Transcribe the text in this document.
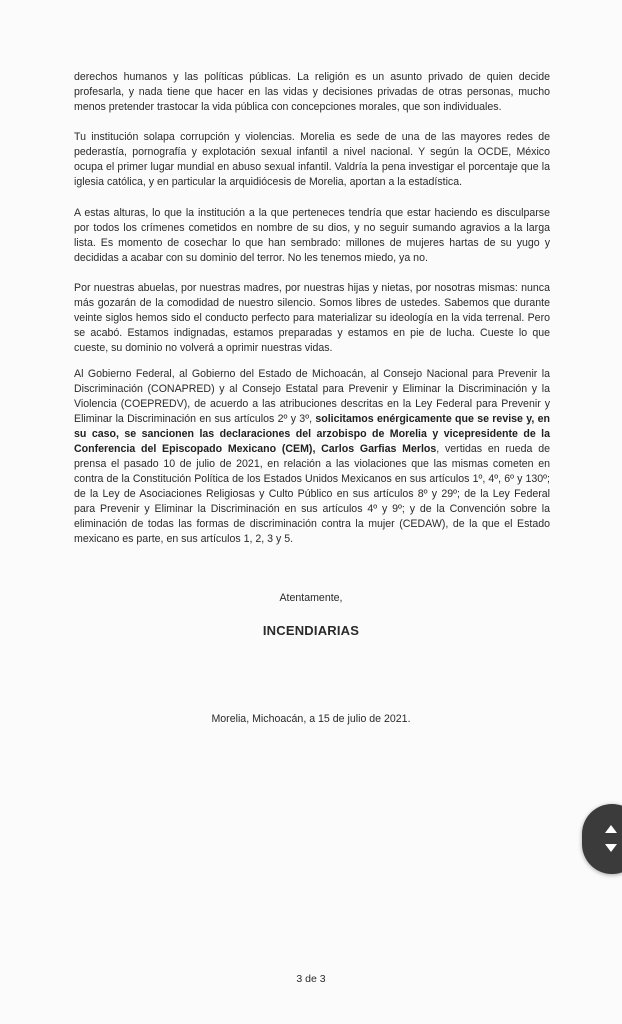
derechos humanos y las políticas públicas. La religión es un asunto privado de quien decide profesarla, y nada tiene que hacer en las vidas y decisiones privadas de otras personas, mucho menos pretender trastocar la vida pública con concepciones morales, que son individuales.

Tu institución solapa corrupción y violencias. Morelia es sede de una de las mayores redes de pederastía, pornografía y explotación sexual infantil a nivel nacional. Y según la OCDE, México ocupa el primer lugar mundial en abuso sexual infantil. Valdría la pena investigar el porcentaje que la iglesia católica, y en particular la arquidiócesis de Morelia, aportan a la estadística.

A estas alturas, lo que la institución a la que perteneces tendría que estar haciendo es disculparse por todos los crímenes cometidos en nombre de su dios, y no seguir sumando agravios a la larga lista. Es momento de cosechar lo que han sembrado: millones de mujeres hartas de su yugo y decididas a acabar con su dominio del terror. No les tenemos miedo, ya no.

Por nuestras abuelas, por nuestras madres, por nuestras hijas y nietas, por nosotras mismas: nunca más gozarán de la comodidad de nuestro silencio. Somos libres de ustedes. Sabemos que durante veinte siglos hemos sido el conducto perfecto para materializar su ideología en la vida terrenal. Pero se acabó. Estamos indignadas, estamos preparadas y estamos en pie de lucha. Cueste lo que cueste, su dominio no volverá a oprimir nuestras vidas.

Al Gobierno Federal, al Gobierno del Estado de Michoacán, al Consejo Nacional para Prevenir la Discriminación (CONAPRED) y al Consejo Estatal para Prevenir y Eliminar la Discriminación y la Violencia (COEPREDV), de acuerdo a las atribuciones descritas en la Ley Federal para Prevenir y Eliminar la Discriminación en sus artículos 2º y 3º, solicitamos enérgicamente que se revise y, en su caso, se sancionen las declaraciones del arzobispo de Morelia y vicepresidente de la Conferencia del Episcopado Mexicano (CEM), Carlos Garfias Merlos, vertidas en rueda de prensa el pasado 10 de julio de 2021, en relación a las violaciones que las mismas cometen en contra de la Constitución Política de los Estados Unidos Mexicanos en sus artículos 1º, 4º, 6º y 130º; de la Ley de Asociaciones Religiosas y Culto Público en sus artículos 8º y 29º; de la Ley Federal para Prevenir y Eliminar la Discriminación en sus artículos 4º y 9º; y de la Convención sobre la eliminación de todas las formas de discriminación contra la mujer (CEDAW), de la que el Estado mexicano es parte, en sus artículos 1, 2, 3 y 5.

Atentamente,

INCENDIARIAS

Morelia, Michoacán, a 15 de julio de 2021.

3 de 3
